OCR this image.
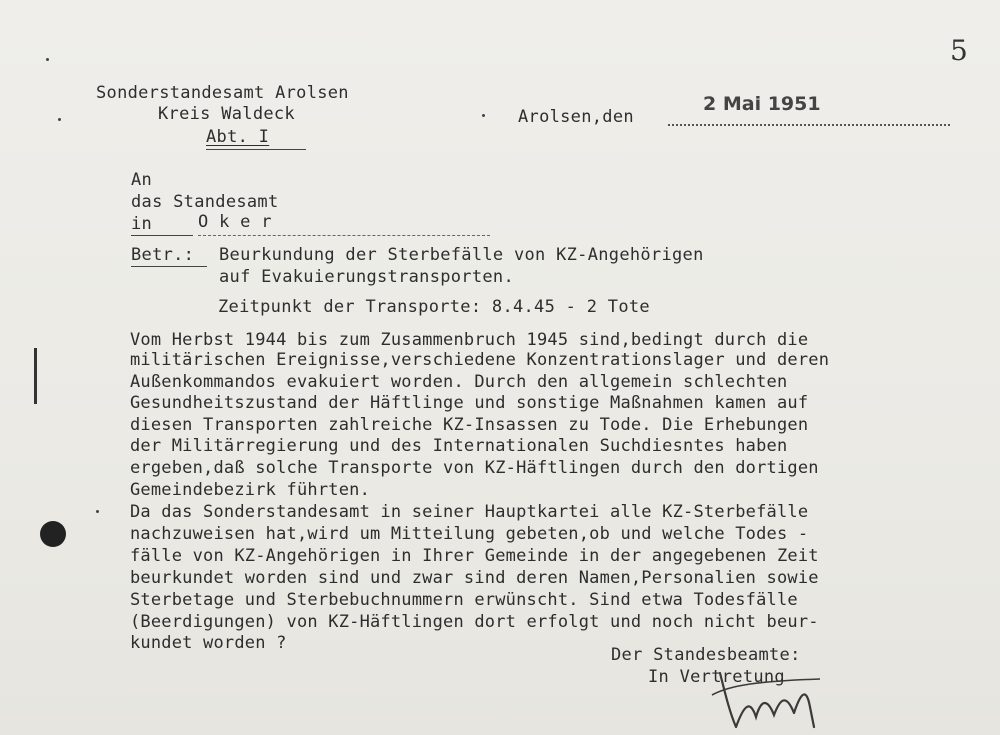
5
Sonderstandesamt Arolsen
Kreis Waldeck
Abt. I
Arolsen,den
2 Mai 1951
An
das Standesamt
in	O k e r
Betr.: Beurkundung der Sterbefälle von KZ-Angehörigen
auf Evakuierungstransporten.
Zeitpunkt der Transporte: 8.4.45 - 2 Tote
Vom Herbst 1944 bis zum Zusammenbruch 1945 sind,bedingt durch die
militärischen Ereignisse,verschiedene Konzentrationslager und deren
Außenkommandos evakuiert worden. Durch den allgemein schlechten
Gesundheitszustand der Häftlinge und sonstige Maßnahmen kamen auf
diesen Transporten zahlreiche KZ-Insassen zu Tode. Die Erhebungen
der Militärregierung und des Internationalen Suchdiesntes haben
ergeben,daß solche Transporte von KZ-Häftlingen durch den dortigen
Gemeindebezirk führten.
Da das Sonderstandesamt in seiner Hauptkartei alle KZ-Sterbefälle
nachzuweisen hat,wird um Mitteilung gebeten,ob und welche Todes -
fälle von KZ-Angehörigen in Ihrer Gemeinde in der angegebenen Zeit
beurkundet worden sind und zwar sind deren Namen,Personalien sowie
Sterbetage und Sterbebuchnummern erwünscht. Sind etwa Todesfälle
(Beerdigungen) von KZ-Häftlingen dort erfolgt und noch nicht beur-
kundet worden ?
Der Standesbeamte:
In Vertretung
